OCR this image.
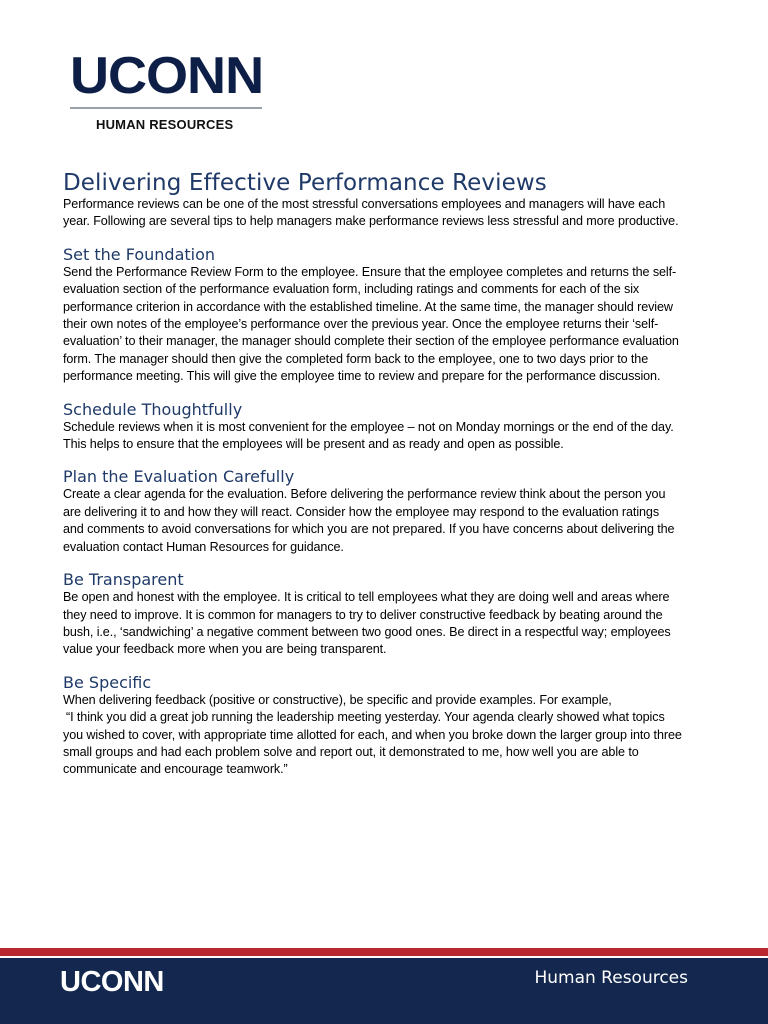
UCONN
HUMAN RESOURCES
Delivering Effective Performance Reviews

Performance reviews can be one of the most stressful conversations employees and managers will have each year. Following are several tips to help managers make performance reviews less stressful and more productive.

Set the Foundation

Send the Performance Review Form to the employee. Ensure that the employee completes and returns the self-evaluation section of the performance evaluation form, including ratings and comments for each of the six performance criterion in accordance with the established timeline. At the same time, the manager should review their own notes of the employee’s performance over the previous year. Once the employee returns their ‘self-evaluation’ to their manager, the manager should complete their section of the employee performance evaluation form. The manager should then give the completed form back to the employee, one to two days prior to the performance meeting. This will give the employee time to review and prepare for the performance discussion.

Schedule Thoughtfully

Schedule reviews when it is most convenient for the employee – not on Monday mornings or the end of the day. This helps to ensure that the employees will be present and as ready and open as possible.

Plan the Evaluation Carefully

Create a clear agenda for the evaluation. Before delivering the performance review think about the person you are delivering it to and how they will react. Consider how the employee may respond to the evaluation ratings and comments to avoid conversations for which you are not prepared. If you have concerns about delivering the evaluation contact Human Resources for guidance.

Be Transparent

Be open and honest with the employee. It is critical to tell employees what they are doing well and areas where they need to improve. It is common for managers to try to deliver constructive feedback by beating around the bush, i.e., ‘sandwiching’ a negative comment between two good ones. Be direct in a respectful way; employees value your feedback more when you are being transparent.

Be Specific

When delivering feedback (positive or constructive), be specific and provide examples. For example,

“I think you did a great job running the leadership meeting yesterday. Your agenda clearly showed what topics you wished to cover, with appropriate time allotted for each, and when you broke down the larger group into three small groups and had each problem solve and report out, it demonstrated to me, how well you are able to communicate and encourage teamwork.”

UCONN	Human Resources
